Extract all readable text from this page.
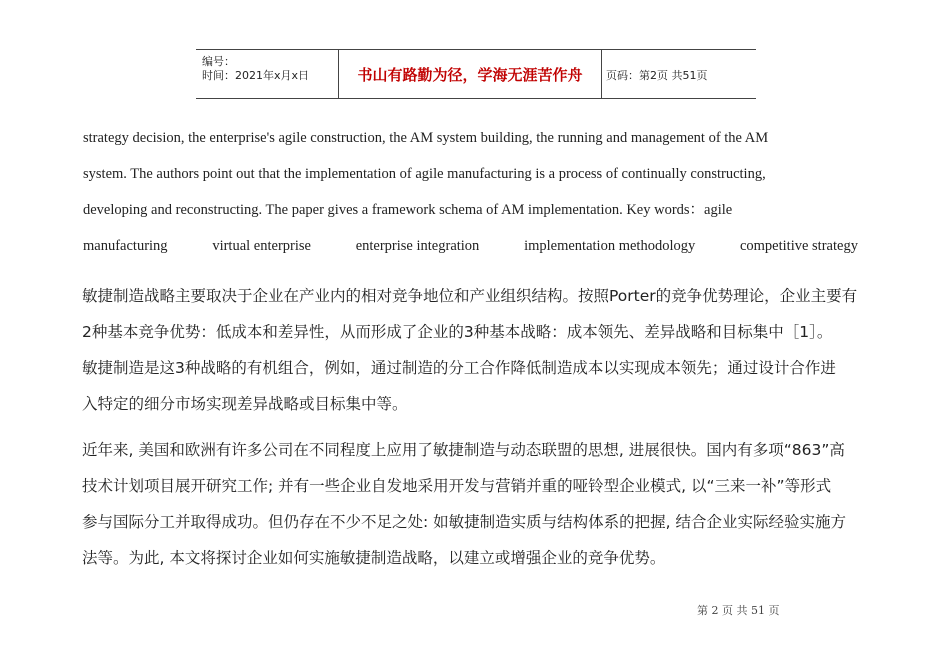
编号：
时间：2021年x月x日	书山有路勤为径，学海无涯苦作舟	页码：第2页 共51页
strategy decision, the enterprise's agile construction, the AM system building, the running and management of the AM
system. The authors point out that the implementation of agile manufacturing is a process of continually constructing,
developing and reconstructing. The paper gives a framework schema of AM implementation. Key words：agile
manufacturing	virtual enterprise	enterprise integration	implementation methodology	competitive strategy
敏捷制造战略主要取决于企业在产业内的相对竞争地位和产业组织结构。按照Porter的竞争优势理论，企业主要有
2种基本竞争优势：低成本和差异性，从而形成了企业的3种基本战略：成本领先、差异战略和目标集中［1］。
敏捷制造是这3种战略的有机组合，例如，通过制造的分工合作降低制造成本以实现成本领先；通过设计合作进
入特定的细分市场实现差异战略或目标集中等。
近年来, 美国和欧洲有许多公司在不同程度上应用了敏捷制造与动态联盟的思想, 进展很快。国内有多项“863”高
技术计划项目展开研究工作; 并有一些企业自发地采用开发与营销并重的哑铃型企业模式, 以“三来一补”等形式
参与国际分工并取得成功。但仍存在不少不足之处: 如敏捷制造实质与结构体系的把握, 结合企业实际经验实施方
法等。为此, 本文将探讨企业如何实施敏捷制造战略，以建立或增强企业的竞争优势。
第 2 页 共 51 页
